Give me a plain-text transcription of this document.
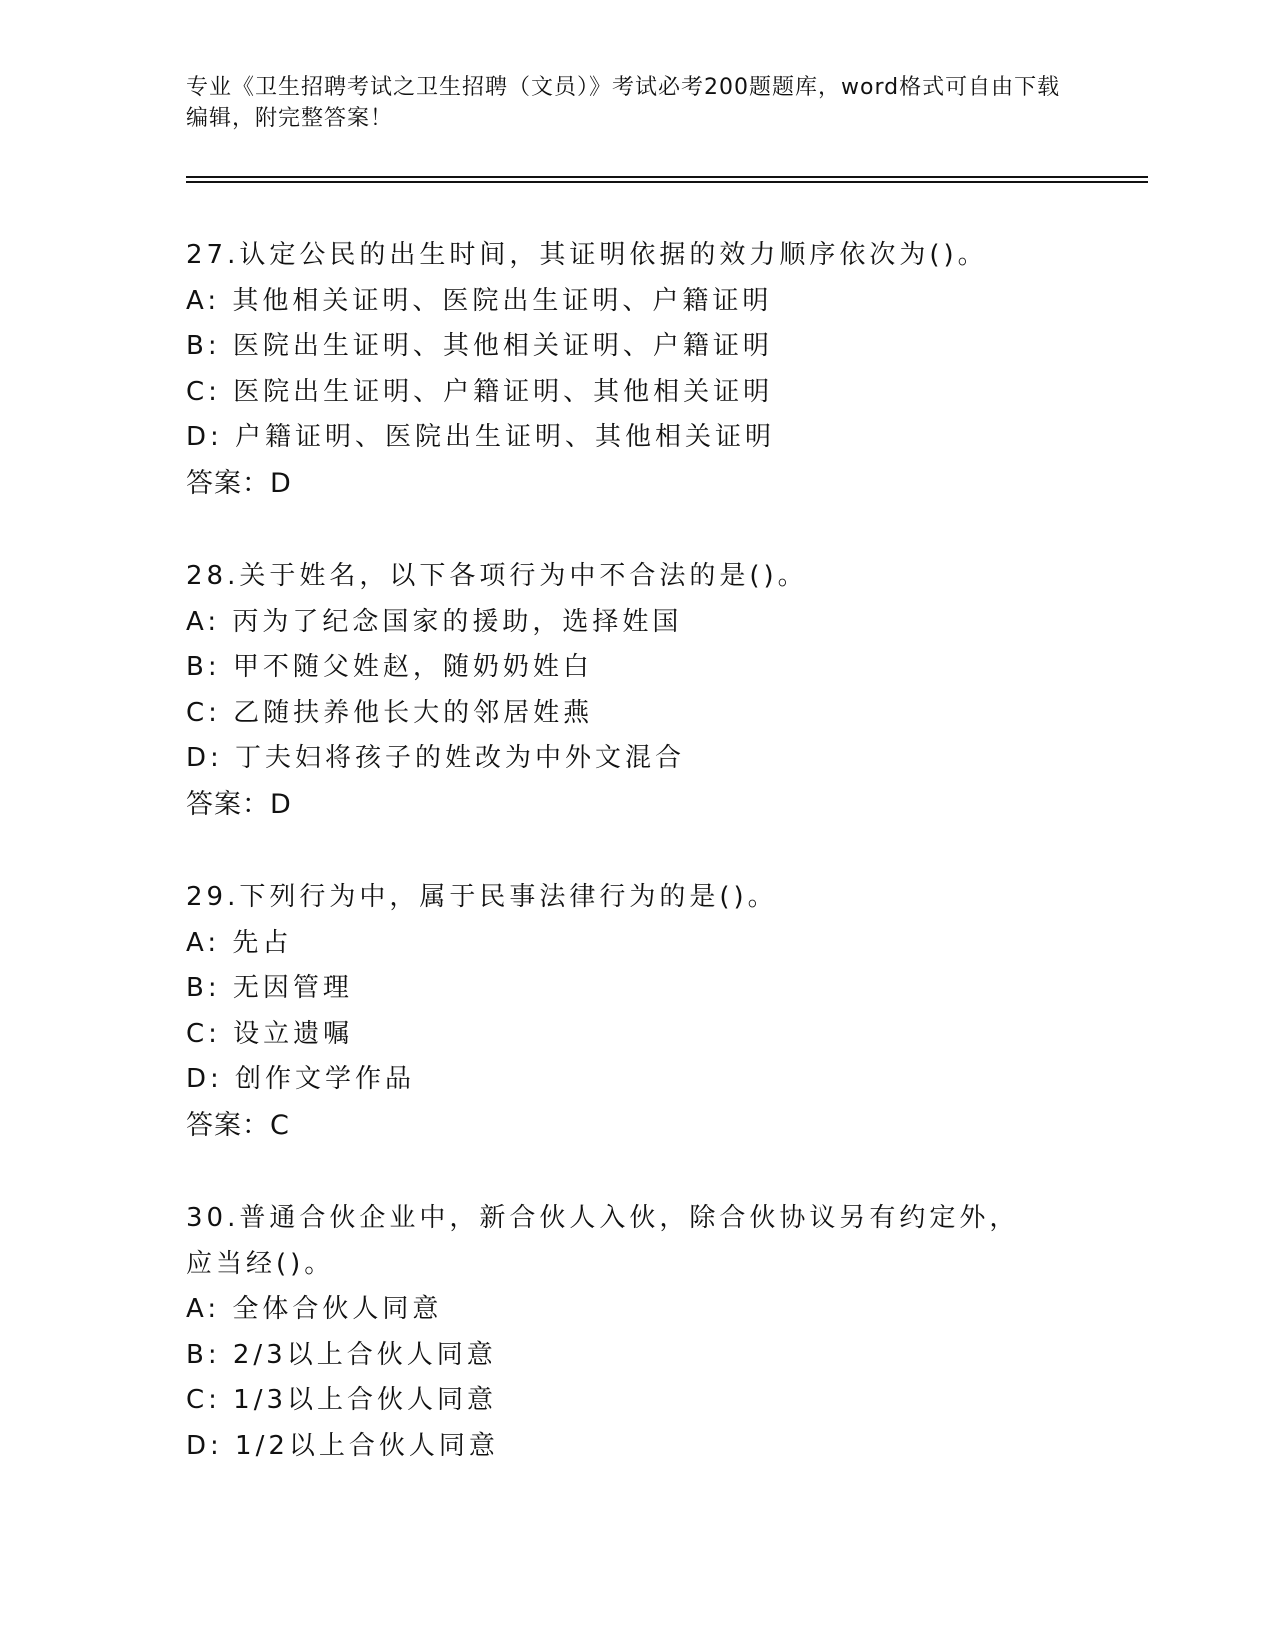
专业《卫生招聘考试之卫生招聘（文员）》考试必考200题题库，word格式可自由下载编辑，附完整答案！
27.认定公民的出生时间，其证明依据的效力顺序依次为()。
A: 其他相关证明、医院出生证明、户籍证明
B: 医院出生证明、其他相关证明、户籍证明
C: 医院出生证明、户籍证明、其他相关证明
D: 户籍证明、医院出生证明、其他相关证明
答案：D
28.关于姓名，以下各项行为中不合法的是()。
A: 丙为了纪念国家的援助，选择姓国
B: 甲不随父姓赵，随奶奶姓白
C: 乙随扶养他长大的邻居姓燕
D: 丁夫妇将孩子的姓改为中外文混合
答案：D
29.下列行为中，属于民事法律行为的是()。
A: 先占
B: 无因管理
C: 设立遗嘱
D: 创作文学作品
答案：C
30.普通合伙企业中，新合伙人入伙，除合伙协议另有约定外，应当经()。
A: 全体合伙人同意
B: 2/3以上合伙人同意
C: 1/3以上合伙人同意
D: 1/2以上合伙人同意
